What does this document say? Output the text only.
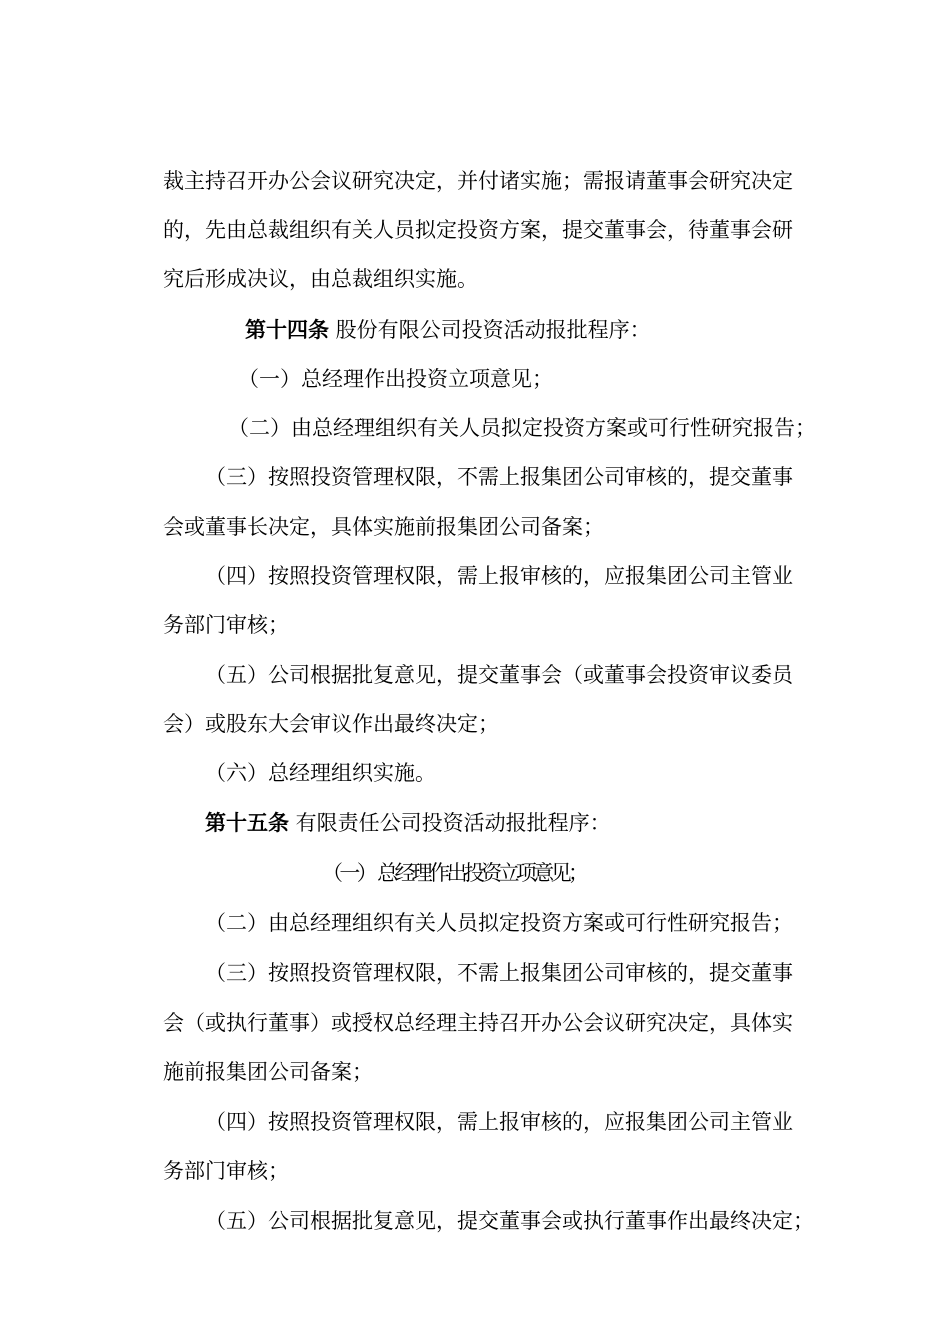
裁主持召开办公会议研究决定，并付诸实施；需报请董事会研究决定
的，先由总裁组织有关人员拟定投资方案，提交董事会，待董事会研
究后形成决议，由总裁组织实施。
第十四条 股份有限公司投资活动报批程序：
（一）总经理作出投资立项意见；
（二）由总经理组织有关人员拟定投资方案或可行性研究报告；
（三）按照投资管理权限，不需上报集团公司审核的，提交董事
会或董事长决定，具体实施前报集团公司备案；
（四）按照投资管理权限，需上报审核的，应报集团公司主管业
务部门审核；
（五）公司根据批复意见，提交董事会（或董事会投资审议委员
会）或股东大会审议作出最终决定；
（六）总经理组织实施。
第十五条 有限责任公司投资活动报批程序：
（一） 总经理作出投资立项意见；
（二）由总经理组织有关人员拟定投资方案或可行性研究报告；
（三）按照投资管理权限，不需上报集团公司审核的，提交董事
会（或执行董事）或授权总经理主持召开办公会议研究决定，具体实
施前报集团公司备案；
（四）按照投资管理权限，需上报审核的，应报集团公司主管业
务部门审核；
（五）公司根据批复意见，提交董事会或执行董事作出最终决定；
